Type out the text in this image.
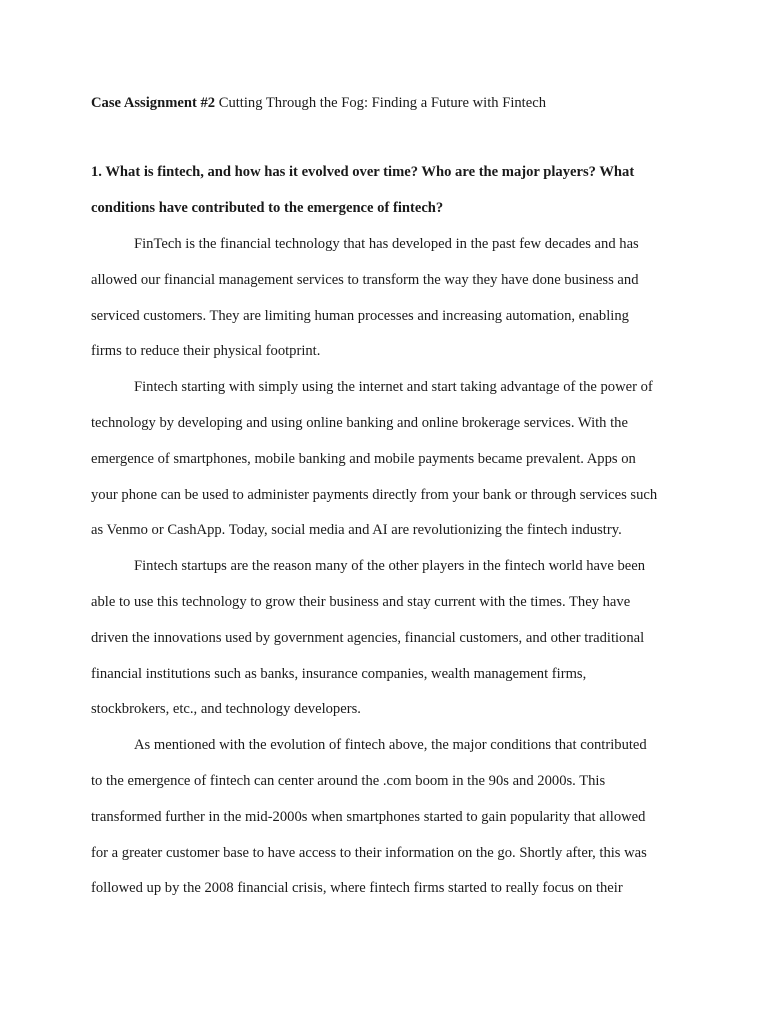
Case Assignment #2 Cutting Through the Fog: Finding a Future with Fintech
1. What is fintech, and how has it evolved over time? Who are the major players? What
conditions have contributed to the emergence of fintech?
FinTech is the financial technology that has developed in the past few decades and has
allowed our financial management services to transform the way they have done business and
serviced customers. They are limiting human processes and increasing automation, enabling
firms to reduce their physical footprint.
Fintech starting with simply using the internet and start taking advantage of the power of
technology by developing and using online banking and online brokerage services. With the
emergence of smartphones, mobile banking and mobile payments became prevalent. Apps on
your phone can be used to administer payments directly from your bank or through services such
as Venmo or CashApp. Today, social media and AI are revolutionizing the fintech industry.
Fintech startups are the reason many of the other players in the fintech world have been
able to use this technology to grow their business and stay current with the times. They have
driven the innovations used by government agencies, financial customers, and other traditional
financial institutions such as banks, insurance companies, wealth management firms,
stockbrokers, etc., and technology developers.
As mentioned with the evolution of fintech above, the major conditions that contributed
to the emergence of fintech can center around the .com boom in the 90s and 2000s. This
transformed further in the mid-2000s when smartphones started to gain popularity that allowed
for a greater customer base to have access to their information on the go. Shortly after, this was
followed up by the 2008 financial crisis, where fintech firms started to really focus on their
